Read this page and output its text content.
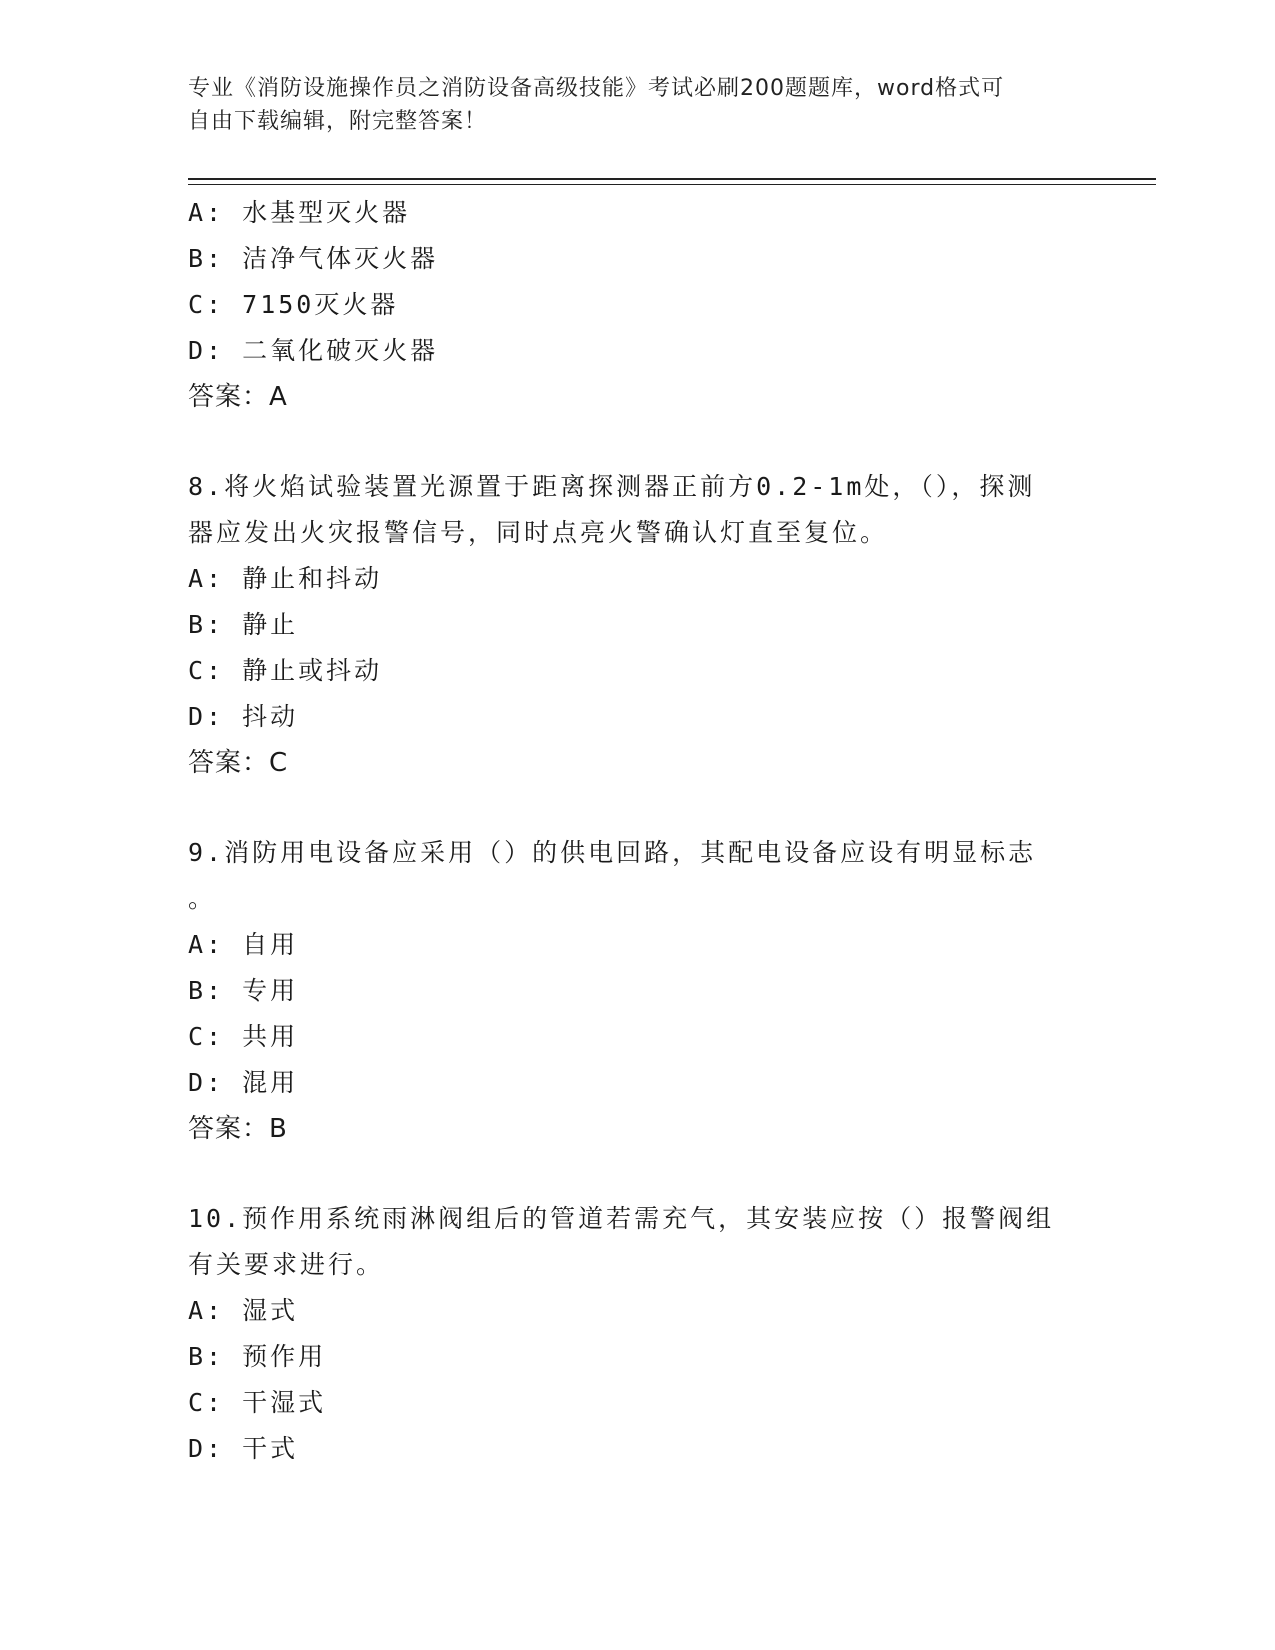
专业《消防设施操作员之消防设备高级技能》考试必刷200题题库，word格式可
自由下载编辑，附完整答案！
A: 水基型灭火器
B: 洁净气体灭火器
C: 7150灭火器
D: 二氧化破灭火器
答案：A
8.将火焰试验装置光源置于距离探测器正前方0.2-1m处，（），探测
器应发出火灾报警信号，同时点亮火警确认灯直至复位。
A: 静止和抖动
B: 静止
C: 静止或抖动
D: 抖动
答案：C
9.消防用电设备应采用（）的供电回路，其配电设备应设有明显标志
。
A: 自用
B: 专用
C: 共用
D: 混用
答案：B
10.预作用系统雨淋阀组后的管道若需充气，其安装应按（）报警阀组
有关要求进行。
A: 湿式
B: 预作用
C: 干湿式
D: 干式
